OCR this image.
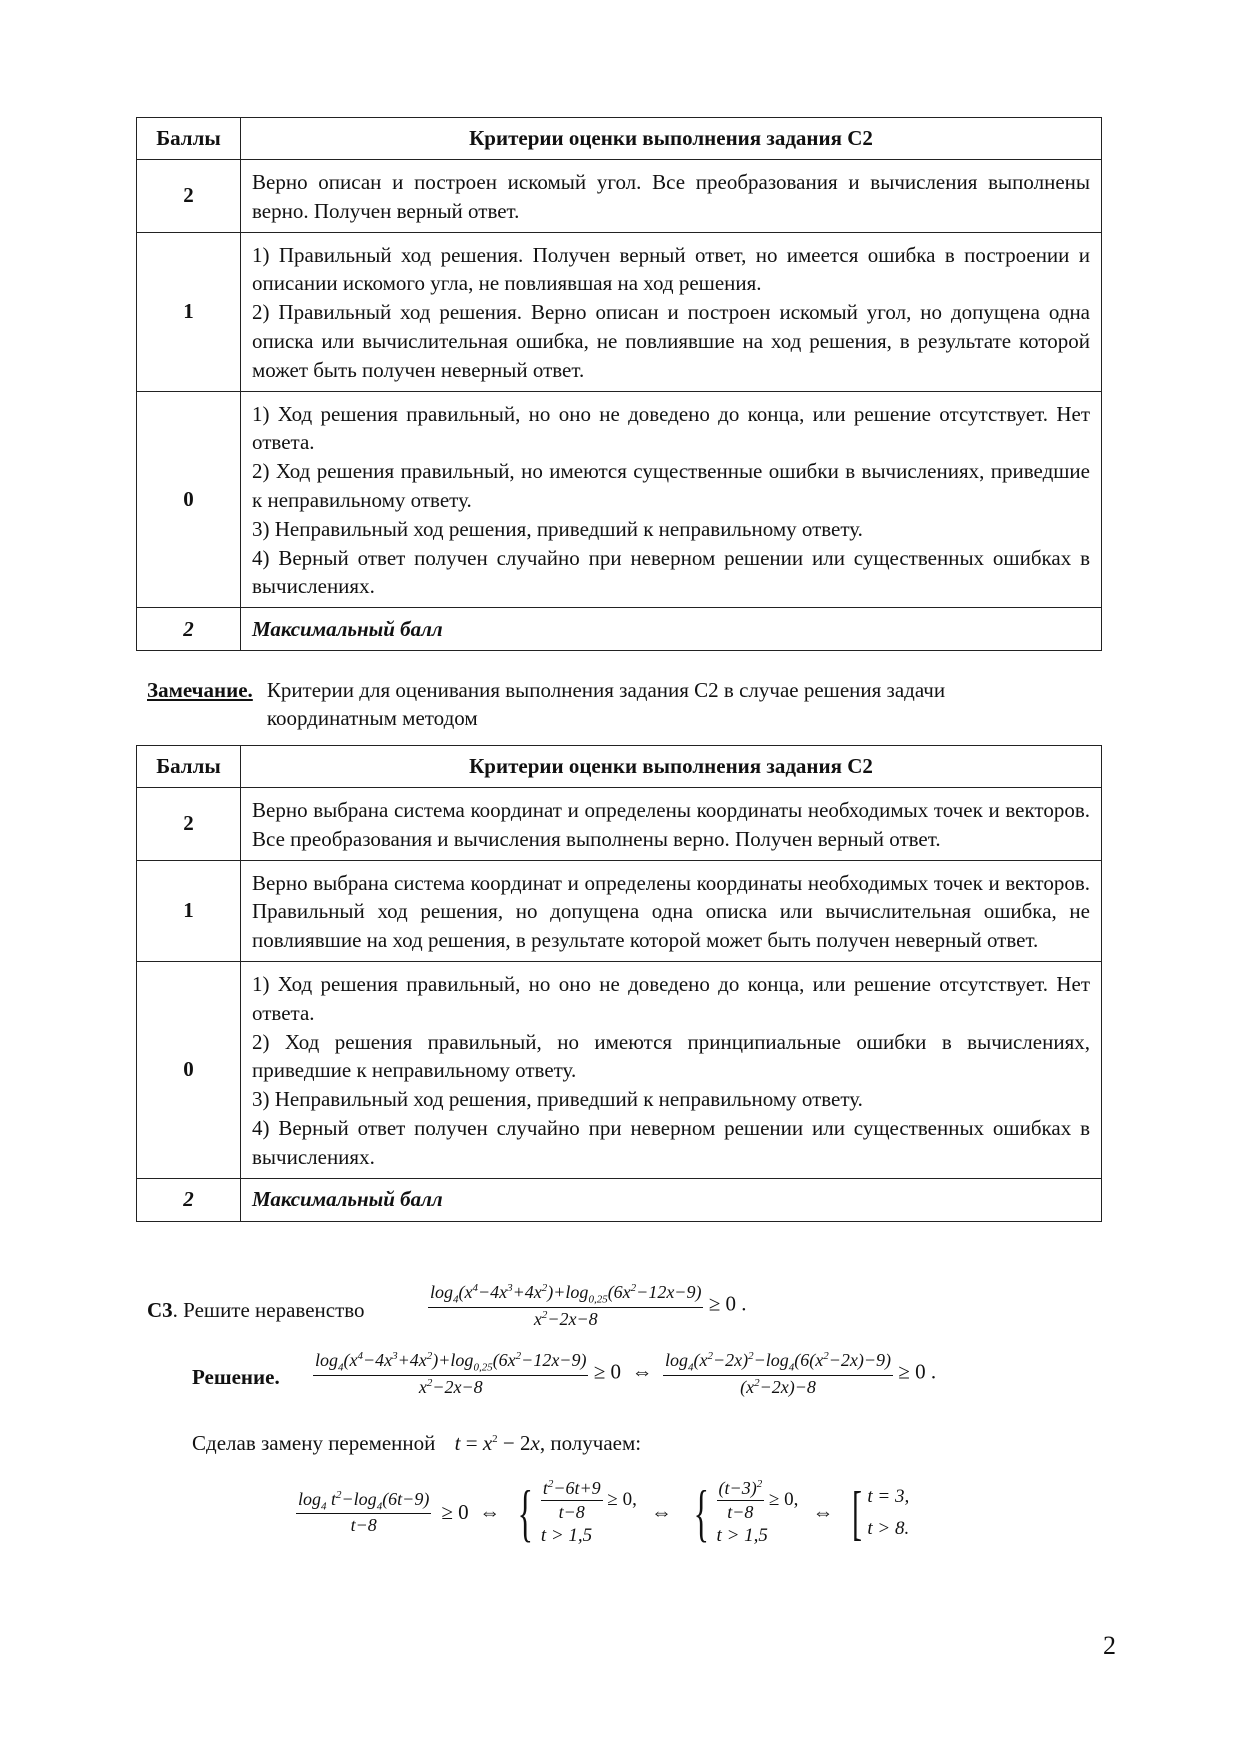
Баллы	Критерии оценки выполнения задания С2
2	Верно описан и построен искомый угол. Все преобразования и вычисления выполнены верно. Получен верный ответ.

1	1) Правильный ход решения. Получен верный ответ, но имеется ошибка в построении и описании искомого угла, не повлиявшая на ход решения.
2) Правильный ход решения. Верно описан и построен искомый угол, но допущена одна описка или вычислительная ошибка, не повлиявшие на ход решения, в результате которой может быть получен неверный ответ.

0	1) Ход решения правильный, но оно не доведено до конца, или решение отсутствует. Нет ответа.
2) Ход решения правильный, но имеются существенные ошибки в вычислениях, приведшие к неправильному ответу.
3) Неправильный ход решения, приведший к неправильному ответу.
4) Верный ответ получен случайно при неверном решении или существенных ошибках в вычислениях.

2	Максимальный балл
Замечание. Критерии для оценивания выполнения задания С2 в случае решения задачи координатным методом
Баллы	Критерии оценки выполнения задания С2
2	Верно выбрана система координат и определены координаты необходимых точек и векторов. Все преобразования и вычисления выполнены верно. Получен верный ответ.

1	Верно выбрана система координат и определены координаты необходимых точек и векторов. Правильный ход решения, но допущена одна описка или вычислительная ошибка, не повлиявшие на ход решения, в результате которой может быть получен неверный ответ.

0	1) Ход решения правильный, но оно не доведено до конца, или решение отсутствует. Нет ответа.
2) Ход решения правильный, но имеются принципиальные ошибки в вычислениях, приведшие к неправильному ответу.
3) Неправильный ход решения, приведший к неправильному ответу.
4) Верный ответ получен случайно при неверном решении или существенных ошибках в вычислениях.

2	Максимальный балл
С3. Решите неравенство	$\frac{\log_4(x^4-4x^3+4x^2)+\log_{0,25}(6x^2-12x-9)}{x^2-2x-8} \ge 0$ .
Решение. $\frac{\log_4(x^4-4x^3+4x^2)+\log_{0,25}(6x^2-12x-9)}{x^2-2x-8} \ge 0$  ⇔ $\frac{\log_4(x^2-2x)^2-\log_4(6(x^2-2x)-9)}{(x^2-2x)-8} \ge 0$ .
Сделав замену переменной $t = x^2 - 2x$, получаем:
$\frac{\log_4 t^2-\log_4(6t-9)}{t-8} \ge 0$  ⇔ { $\frac{t^2-6t+9}{t-8} \ge 0$,
t > 1,5
⇔ { $\frac{(t-3)^2}{t-8} \ge 0$,
t > 1,5
⇔ [ t = 3,
t > 8.
2
